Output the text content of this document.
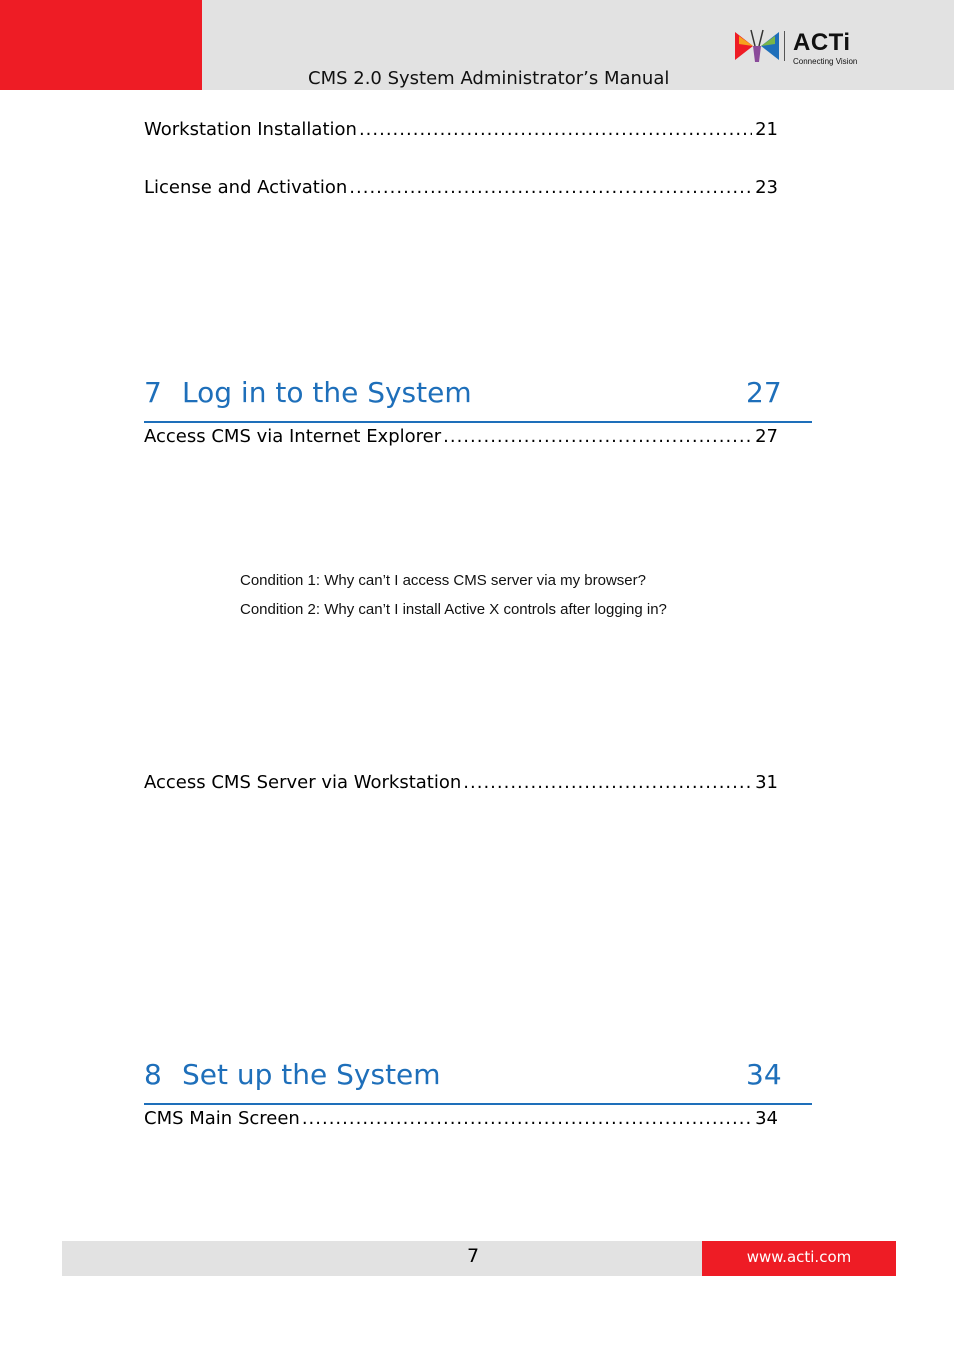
CMS 2.0 System Administrator’s Manual
ACTi
Connecting Vision
Workstation Installation .....	21
License and Activation .....	23
7 Log in to the System	27
Access CMS via Internet Explorer .....	27
Condition 1: Why can’t I access CMS server via my browser?
Condition 2: Why can’t I install Active X controls after logging in?
Access CMS Server via Workstation .....	31
8 Set up the System	34
CMS Main Screen .....	34
7	www.acti.com
